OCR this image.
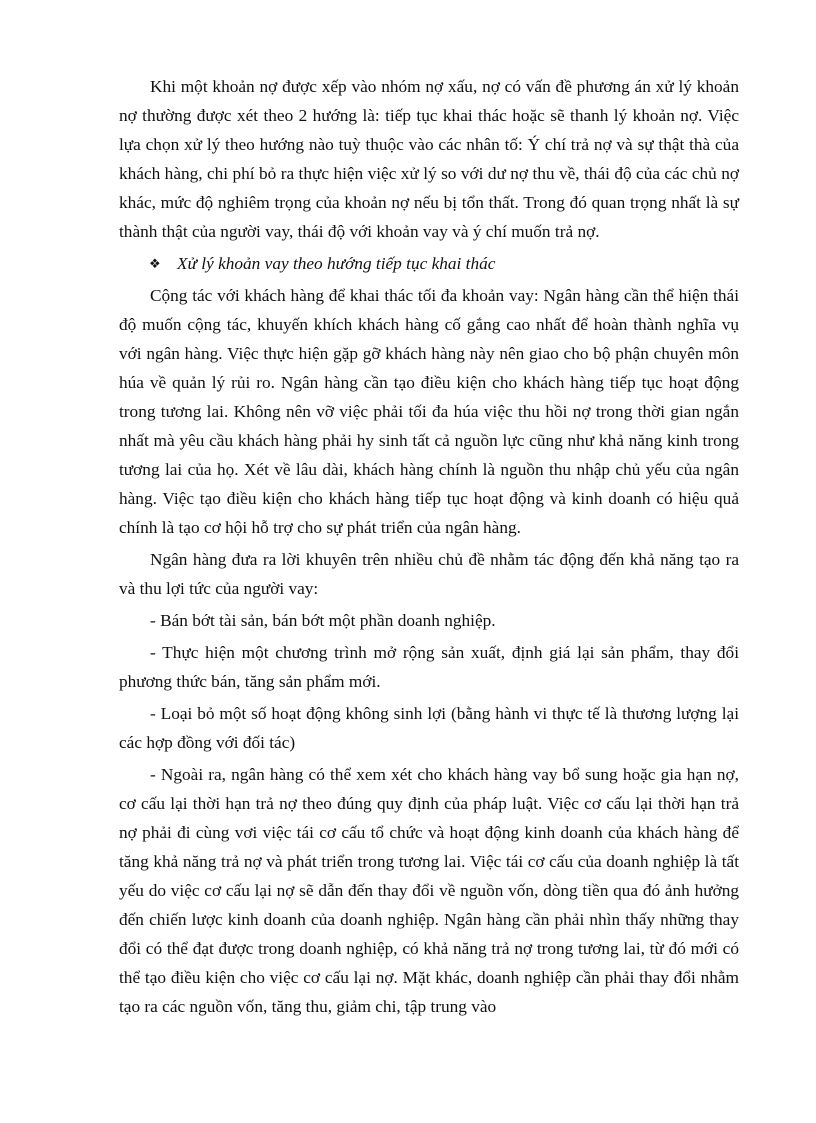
Khi một khoản nợ được xếp vào nhóm nợ xấu, nợ có vấn đề phương án xử lý khoản nợ thường được xét theo 2 hướng là: tiếp tục khai thác hoặc sẽ thanh lý khoản nợ. Việc lựa chọn xử lý theo hướng nào tuỳ thuộc vào các nhân tố: Ý chí trả nợ và sự thật thà của khách hàng, chi phí bỏ ra thực hiện việc xử lý so với dư nợ thu về, thái độ của các chủ nợ khác, mức độ nghiêm trọng của khoản nợ nếu bị tổn thất. Trong đó quan trọng nhất là sự thành thật của người vay, thái độ với khoản vay và ý chí muốn trả nợ.

❖ Xử lý khoản vay theo hướng tiếp tục khai thác

Cộng tác với khách hàng để khai thác tối đa khoản vay: Ngân hàng cần thể hiện thái độ muốn cộng tác, khuyến khích khách hàng cố gắng cao nhất để hoàn thành nghĩa vụ với ngân hàng. Việc thực hiện gặp gỡ khách hàng này nên giao cho bộ phận chuyên môn húa về quản lý rủi ro. Ngân hàng cần tạo điều kiện cho khách hàng tiếp tục hoạt động trong tương lai. Không nên vỡ việc phải tối đa húa việc thu hồi nợ trong thời gian ngắn nhất mà yêu cầu khách hàng phải hy sinh tất cả nguồn lực cũng như khả năng kinh trong tương lai của họ. Xét về lâu dài, khách hàng chính là nguồn thu nhập chủ yếu của ngân hàng. Việc tạo điều kiện cho khách hàng tiếp tục hoạt động và kinh doanh có hiệu quả chính là tạo cơ hội hỗ trợ cho sự phát triển của ngân hàng.

Ngân hàng đưa ra lời khuyên trên nhiều chủ đề nhằm tác động đến khả năng tạo ra và thu lợi tức của người vay:

- Bán bớt tài sản, bán bớt một phần doanh nghiệp.

- Thực hiện một chương trình mở rộng sản xuất, định giá lại sản phẩm, thay đổi phương thức bán, tăng sản phẩm mới.

- Loại bỏ một số hoạt động không sinh lợi (bằng hành vi thực tế là thương lượng lại các hợp đồng với đối tác)

- Ngoài ra, ngân hàng có thể xem xét cho khách hàng vay bổ sung hoặc gia hạn nợ, cơ cấu lại thời hạn trả nợ theo đúng quy định của pháp luật. Việc cơ cấu lại thời hạn trả nợ phải đi cùng vơi việc tái cơ cấu tổ chức và hoạt động kinh doanh của khách hàng để tăng khả năng trả nợ và phát triển trong tương lai. Việc tái cơ cấu của doanh nghiệp là tất yếu do việc cơ cấu lại nợ sẽ dẫn đến thay đổi về nguồn vốn, dòng tiền qua đó ảnh hưởng đến chiến lược kinh doanh của doanh nghiệp. Ngân hàng cần phải nhìn thấy những thay đổi có thể đạt được trong doanh nghiệp, có khả năng trả nợ trong tương lai, từ đó mới có thể tạo điều kiện cho việc cơ cấu lại nợ. Mặt khác, doanh nghiệp cần phải thay đổi nhằm tạo ra các nguồn vốn, tăng thu, giảm chi, tập trung vào
